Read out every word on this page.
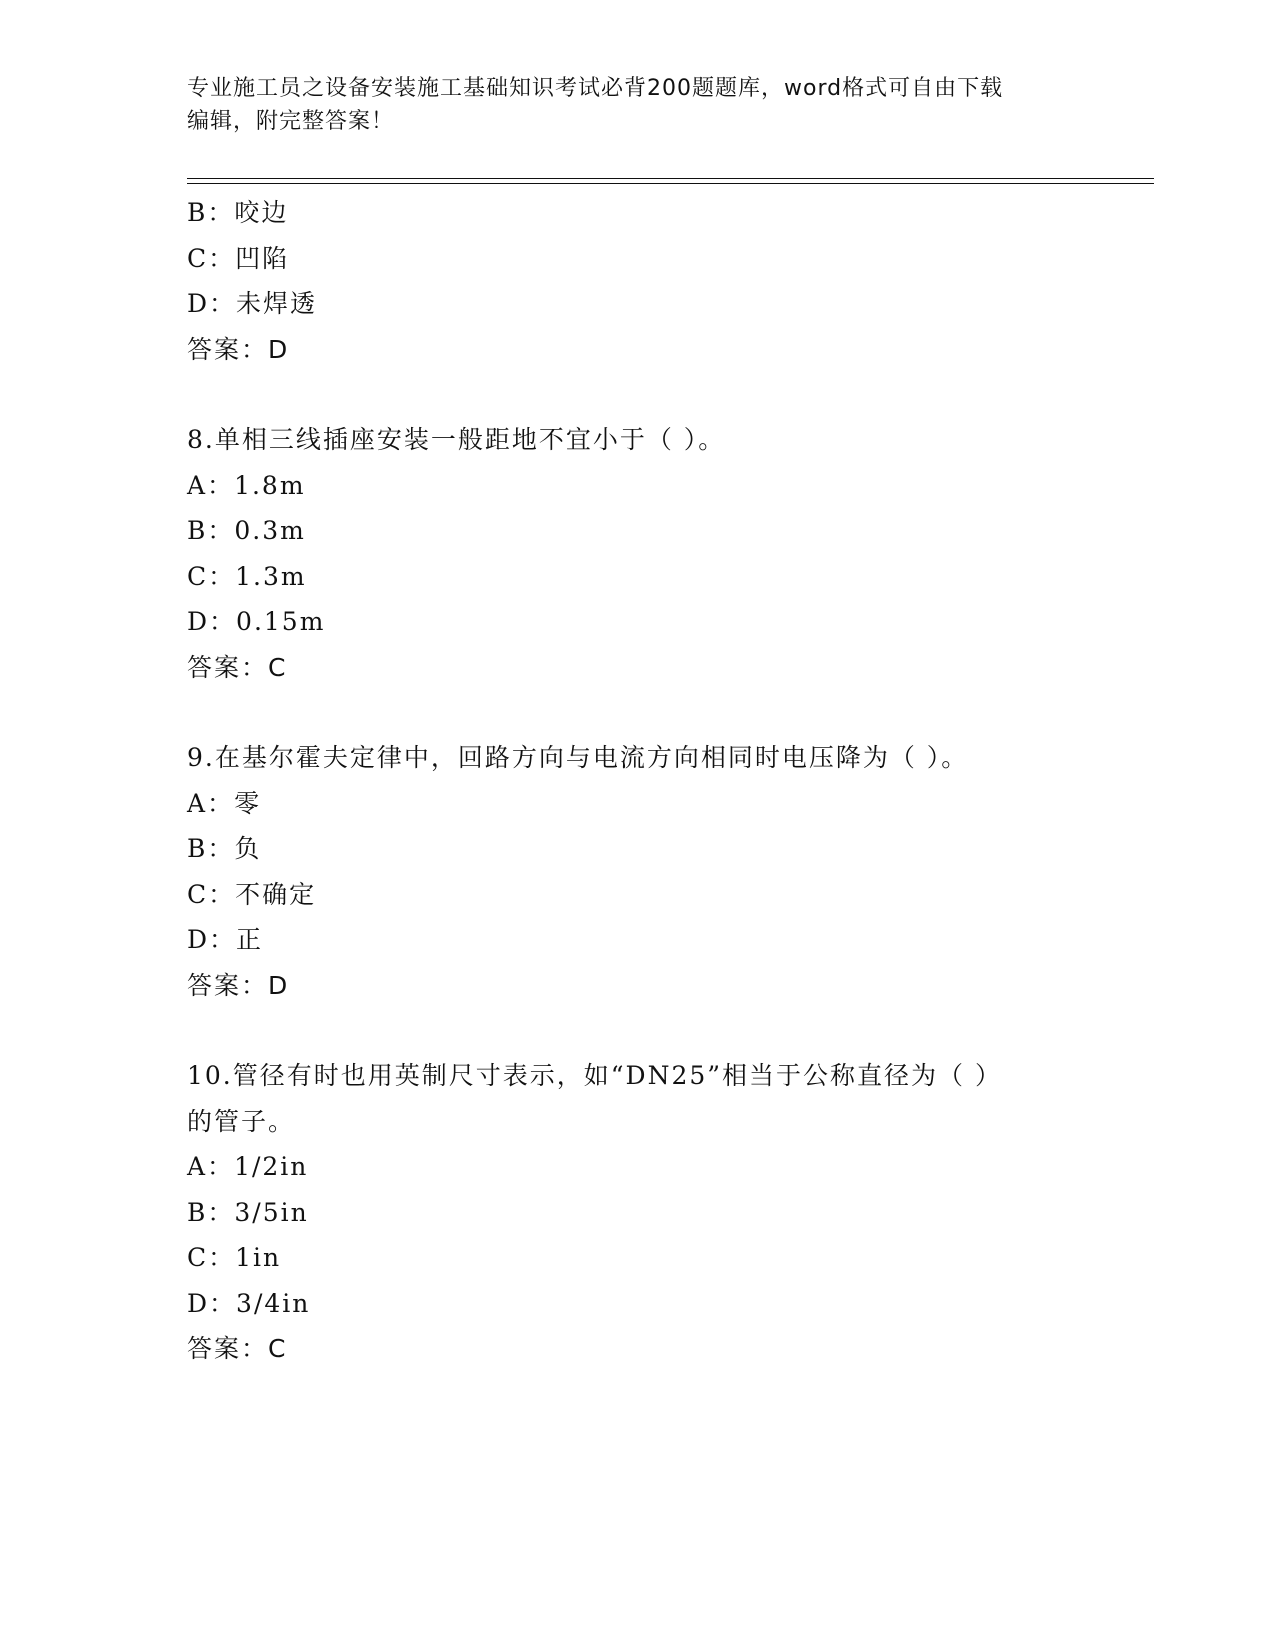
专业施工员之设备安装施工基础知识考试必背200题题库，word格式可自由下载
编辑，附完整答案！
B：咬边
C：凹陷
D：未焊透
答案：D
8.单相三线插座安装一般距地不宜小于（ ）。
A：1.8m
B：0.3m
C：1.3m
D：0.15m
答案：C
9.在基尔霍夫定律中，回路方向与电流方向相同时电压降为（ ）。
A：零
B：负
C：不确定
D：正
答案：D
10.管径有时也用英制尺寸表示，如“DN25”相当于公称直径为（ ）
的管子。
A：1/2in
B：3/5in
C：1in
D：3/4in
答案：C
